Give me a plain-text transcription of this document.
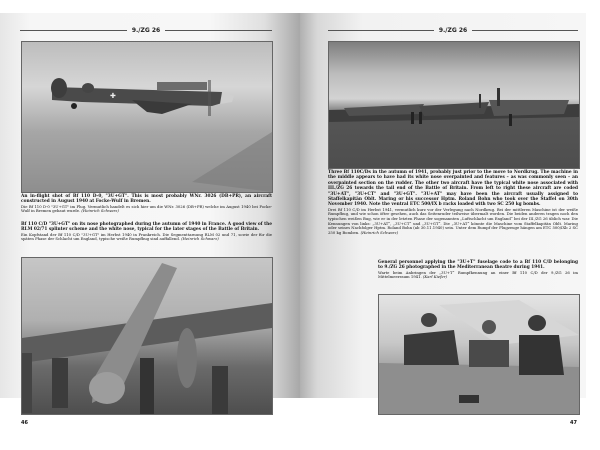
9./ZG 26
✚
An in-flight shot of Bf 110 D-0, "3U+GT". This is most probably WNr. 3026 (DB+PR), an aircraft constructed in August 1940 at Focke-Wulf in Bremen.
Die Bf 110 D-0 "3U+GT" im Flug. Vermutlich handelt es sich hier um die WNr. 3026 (DB+PR) welche im August 1940 bei Focke-Wulf in Bremen gebaut wurde. (Heinrich Schwarz)
Bf 110 C/D "3U+GT" on its nose photographed during the autumn of 1940 in France. A good view of the RLM 02/71 splinter scheme and the white nose, typical for the later stages of the Battle of Britain.
Ein Kopfstand der Bf 110 C/D "3U+GT" im Herbst 1940 in Frankreich. Die Segmenttarnung RLM 02 und 71, sowie der für die späten Phase der Schlacht um England, typische weiße Rumpfbug sind auffallend. (Heinrich Schwarz)
46
9./ZG 26
Three Bf 110C/Ds in the autumn of 1941, probably just prior to the move to Nordkrug. The machine in the middle appears to have had its white nose overpainted and features – as was commonly seen – an overpainted section on the rudder. The other two aircraft have the typical white nose associated with III./ZG 26 towards the tail end of the Battle of Britain. From left to right these aircraft are coded "3U+AT", "3U+CT" and "3U+GT". "3U+AT" may have been the aircraft usually assigned to Staffelkapitän Oblt. Maring or his successor Hptm. Roland Bohn who took over the Staffel on 30th November 1940. Note the ventral ETC 500/IX b racks loaded with two SC 250 kg bombs.
Drei Bf 110 C/D im Herbst 1941, vermutlich kurz vor der Verlegung nach Nordkrug. Bei der mittleren Maschine ist der weiße Rumpfbug, und wie schon öfter gesehen, auch das Seitenruder teilweise übermalt worden. Die beiden anderen tragen noch den typischen weißen Bug, wie er in der letzten Phase der sogenannten „Luftschlacht um England“ bei der III./ZG 26 üblich war. Die Kennungen von links: „3U+AT“, „3U+CT“ und „3U+GT“. Die „3U+AT“ könnte die Maschine vom Staffelkapitän Oblt. Maring oder seines Nachfolger Hptm. Roland Bohn (ab 30.11.1940) sein. Unter dem Rumpf der Flugzeuge hängen am ETC 500/IXb 2 SC 250 kg Bomben. (Heinrich Schwarz)
General personnel applying the "3U+T" fuselage code to a Bf 110 C/D belonging to 9./ZG 26 photographed in the Mediterranean theatre during 1941.
Warte beim Anbringen der „3U+T“ Rumpfkennung an einer Bf 110 C/D der 9./ZG 26 im Mittelmeerraum 1941. (Karl Kiefer)
47
